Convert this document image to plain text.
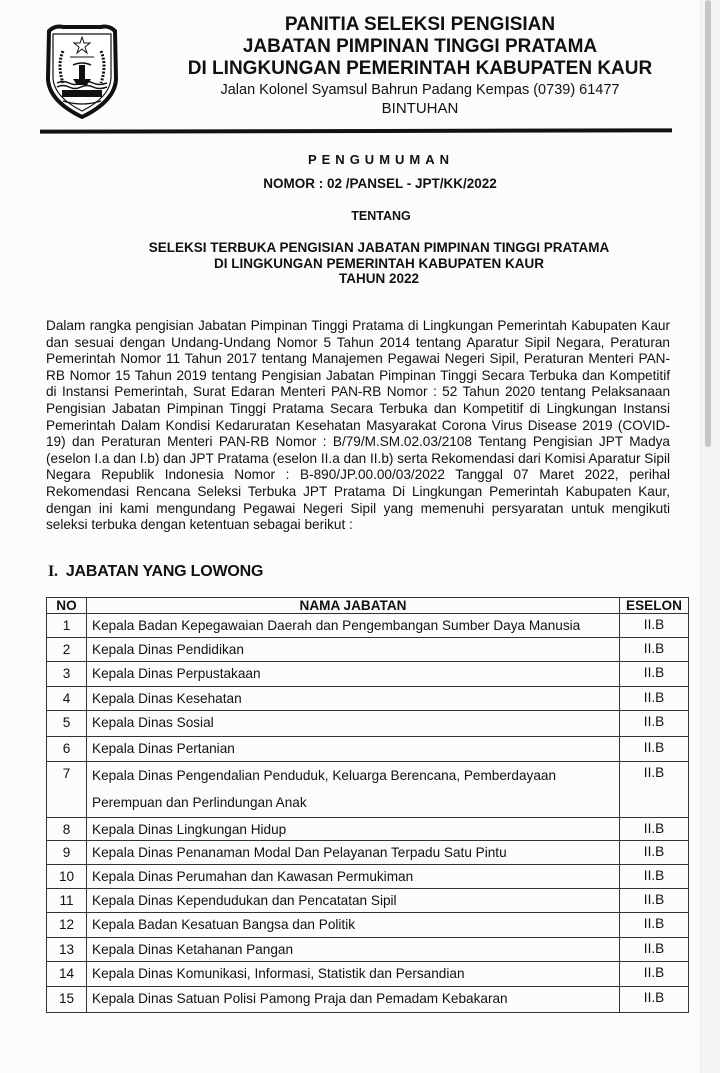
PANITIA SELEKSI PENGISIAN
JABATAN PIMPINAN TINGGI PRATAMA
DI LINGKUNGAN PEMERINTAH KABUPATEN KAUR
Jalan Kolonel Syamsul Bahrun Padang Kempas (0739) 61477
BINTUHAN
PENGUMUMAN
NOMOR : 02 /PANSEL - JPT/KK/2022
TENTANG
SELEKSI TERBUKA PENGISIAN JABATAN PIMPINAN TINGGI PRATAMA
DI LINGKUNGAN PEMERINTAH KABUPATEN KAUR
TAHUN 2022
Dalam rangka pengisian Jabatan Pimpinan Tinggi Pratama di Lingkungan Pemerintah Kabupaten Kaur dan sesuai dengan Undang-Undang Nomor 5 Tahun 2014 tentang Aparatur Sipil Negara, Peraturan Pemerintah Nomor 11 Tahun 2017 tentang Manajemen Pegawai Negeri Sipil, Peraturan Menteri PAN-RB Nomor 15 Tahun 2019 tentang Pengisian Jabatan Pimpinan Tinggi Secara Terbuka dan Kompetitif di Instansi Pemerintah, Surat Edaran Menteri PAN-RB Nomor : 52 Tahun 2020 tentang Pelaksanaan Pengisian Jabatan Pimpinan Tinggi Pratama Secara Terbuka dan Kompetitif di Lingkungan Instansi Pemerintah Dalam Kondisi Kedaruratan Kesehatan Masyarakat Corona Virus Disease 2019 (COVID-19) dan Peraturan Menteri PAN-RB Nomor : B/79/M.SM.02.03/2108 Tentang Pengisian JPT Madya (eselon I.a dan I.b) dan JPT Pratama (eselon II.a dan II.b) serta Rekomendasi dari Komisi Aparatur Sipil Negara Republik Indonesia Nomor : B-890/JP.00.00/03/2022 Tanggal 07 Maret 2022, perihal Rekomendasi Rencana Seleksi Terbuka JPT Pratama Di Lingkungan Pemerintah Kabupaten Kaur, dengan ini kami mengundang Pegawai Negeri Sipil yang memenuhi persyaratan untuk mengikuti seleksi terbuka dengan ketentuan sebagai berikut :
I. JABATAN YANG LOWONG
NO	NAMA JABATAN	ESELON
1	Kepala Badan Kepegawaian Daerah dan Pengembangan Sumber Daya Manusia	II.B
2	Kepala Dinas Pendidikan	II.B
3	Kepala Dinas Perpustakaan	II.B
4	Kepala Dinas Kesehatan	II.B
5	Kepala Dinas Sosial	II.B
6	Kepala Dinas Pertanian	II.B
7	Kepala Dinas Pengendalian Penduduk, Keluarga Berencana, Pemberdayaan
Perempuan dan Perlindungan Anak	II.B
8	Kepala Dinas Lingkungan Hidup	II.B
9	Kepala Dinas Penanaman Modal Dan Pelayanan Terpadu Satu Pintu	II.B
10	Kepala Dinas Perumahan dan Kawasan Permukiman	II.B
11	Kepala Dinas Kependudukan dan Pencatatan Sipil	II.B
12	Kepala Badan Kesatuan Bangsa dan Politik	II.B
13	Kepala Dinas Ketahanan Pangan	II.B
14	Kepala Dinas Komunikasi, Informasi, Statistik dan Persandian	II.B
15	Kepala Dinas Satuan Polisi Pamong Praja dan Pemadam Kebakaran	II.B
